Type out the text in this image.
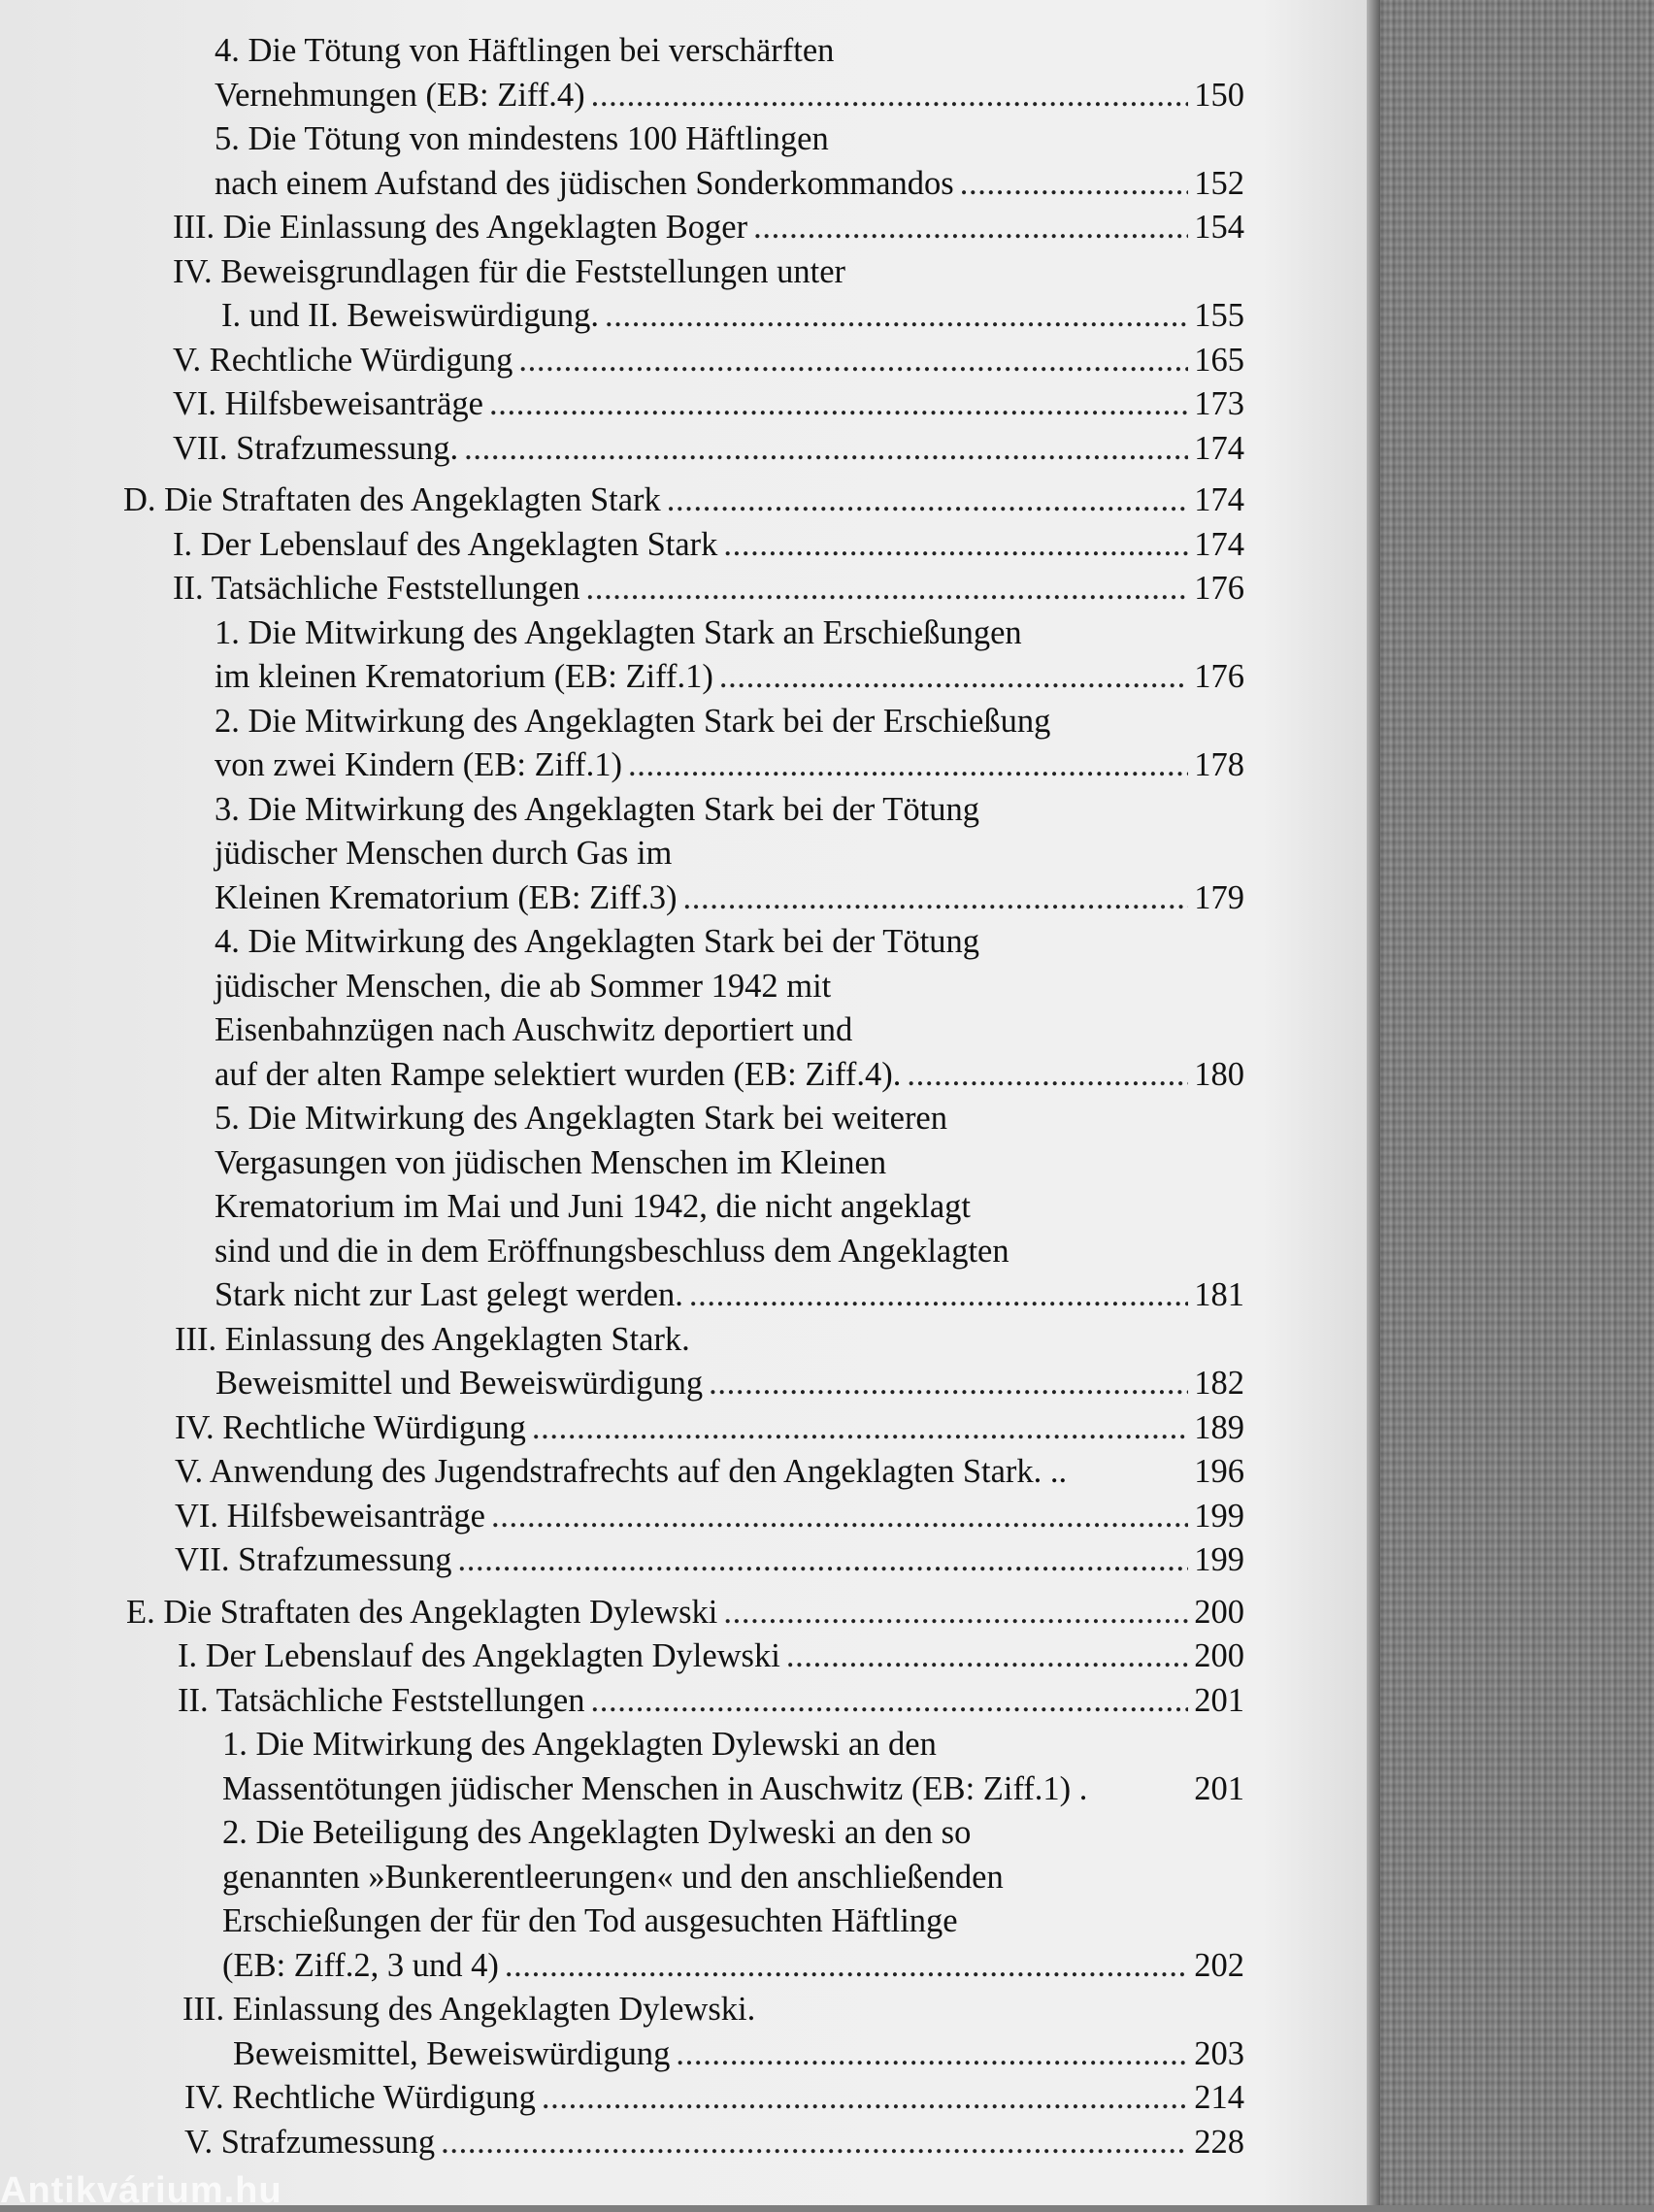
4. Die Tötung von Häftlingen bei verschärften
Vernehmungen (EB: Ziff.4) . . .	150
5. Die Tötung von mindestens 100 Häftlingen
nach einem Aufstand des jüdischen Sonderkommandos . . .	152
III. Die Einlassung des Angeklagten Boger . . .	154
IV. Beweisgrundlagen für die Feststellungen unter
I. und II. Beweiswürdigung. . . .	155
V. Rechtliche Würdigung . . .	165
VI. Hilfsbeweisanträge . . .	173
VII. Strafzumessung. . . .	174
D. Die Straftaten des Angeklagten Stark . . .	174
I. Der Lebenslauf des Angeklagten Stark . . .	174
II. Tatsächliche Feststellungen . . .	176
1. Die Mitwirkung des Angeklagten Stark an Erschießungen
im kleinen Krematorium (EB: Ziff.1) . . .	176
2. Die Mitwirkung des Angeklagten Stark bei der Erschießung
von zwei Kindern (EB: Ziff.1) . . .	178
3. Die Mitwirkung des Angeklagten Stark bei der Tötung
jüdischer Menschen durch Gas im
Kleinen Krematorium (EB: Ziff.3) . . .	179
4. Die Mitwirkung des Angeklagten Stark bei der Tötung
jüdischer Menschen, die ab Sommer 1942 mit
Eisenbahnzügen nach Auschwitz deportiert und
auf der alten Rampe selektiert wurden (EB: Ziff.4). . . .	180
5. Die Mitwirkung des Angeklagten Stark bei weiteren
Vergasungen von jüdischen Menschen im Kleinen
Krematorium im Mai und Juni 1942, die nicht angeklagt
sind und die in dem Eröffnungsbeschluss dem Angeklagten
Stark nicht zur Last gelegt werden. . . .	181
III. Einlassung des Angeklagten Stark.
Beweismittel und Beweiswürdigung . . .	182
IV. Rechtliche Würdigung . . .	189
V. Anwendung des Jugendstrafrechts auf den Angeklagten Stark. ..	196
VI. Hilfsbeweisanträge . . .	199
VII. Strafzumessung . . .	199
E. Die Straftaten des Angeklagten Dylewski . . .	200
I. Der Lebenslauf des Angeklagten Dylewski . . .	200
II. Tatsächliche Feststellungen . . .	201
1. Die Mitwirkung des Angeklagten Dylewski an den
Massentötungen jüdischer Menschen in Auschwitz (EB: Ziff.1) .	201
2. Die Beteiligung des Angeklagten Dylweski an den so
genannten »Bunkerentleerungen« und den anschließenden
Erschießungen der für den Tod ausgesuchten Häftlinge
(EB: Ziff.2, 3 und 4) . . .	202
III. Einlassung des Angeklagten Dylewski.
Beweismittel, Beweiswürdigung . . .	203
IV. Rechtliche Würdigung . . .	214
V. Strafzumessung . . .	228
Antikvárium.hu
